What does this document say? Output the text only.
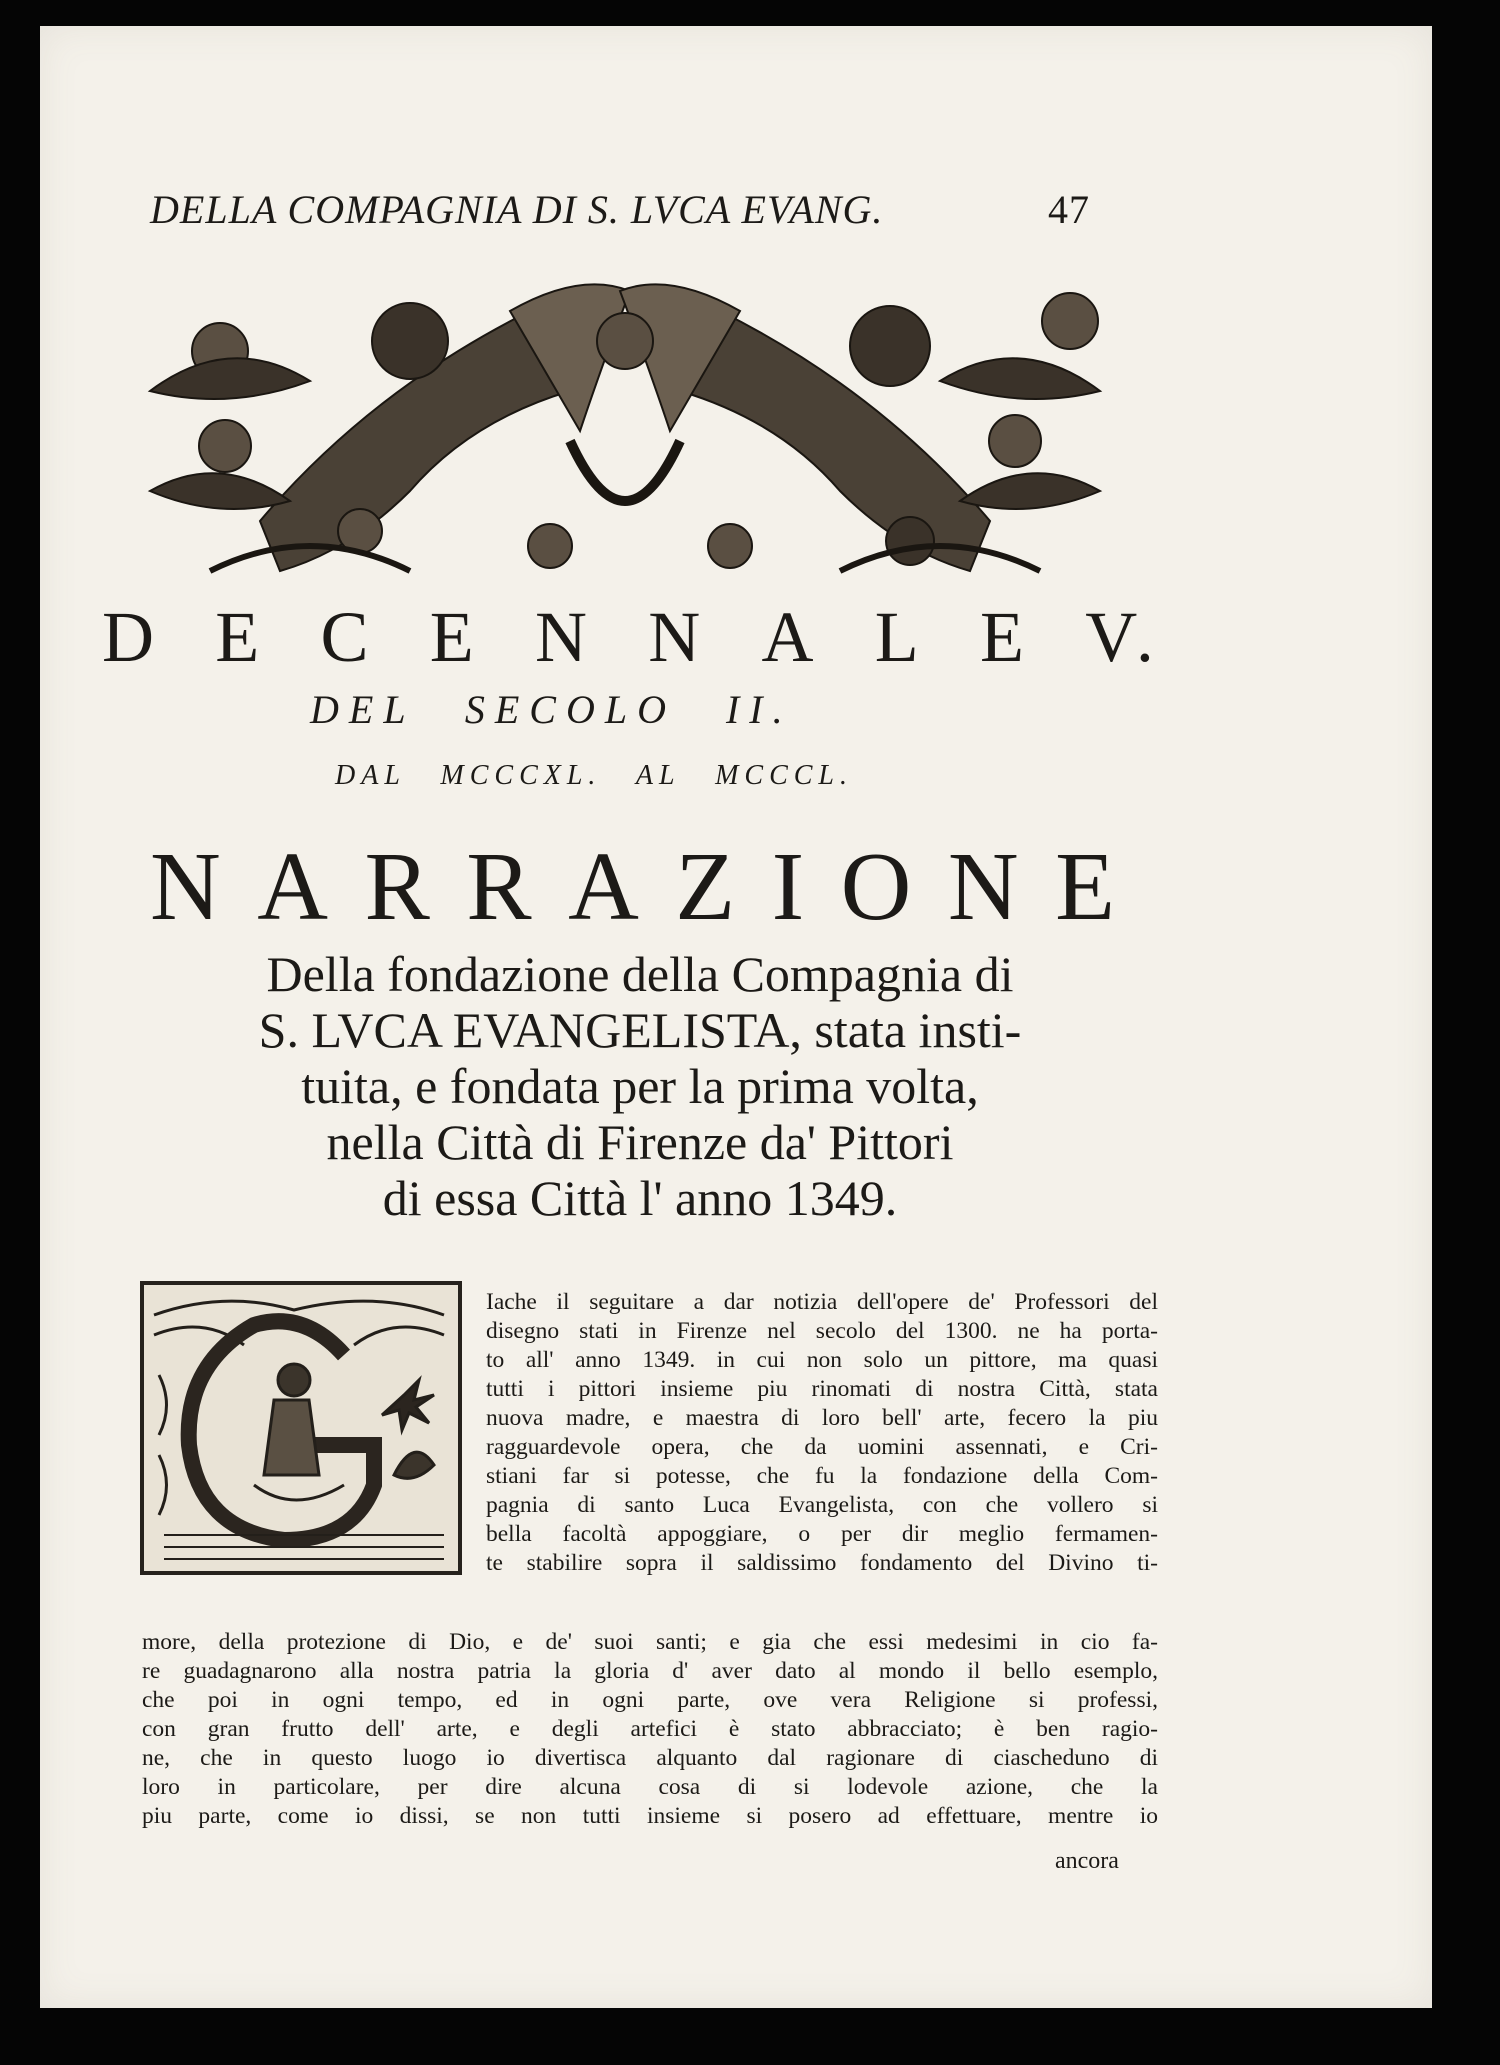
DELLA COMPAGNIA DI S. LVCA EVANG.	47
D E C E N N A L E V.
DEL SECOLO II.
DAL MCCCXL. AL MCCCL.
N A R R A Z I O N E
Della fondazione della Compagnia di
S. LVCA EVANGELISTA, stata insti-
tuita, e fondata per la prima volta,
nella Città di Firenze da' Pittori
di essa Città l' anno 1349.
Iache il seguitare a dar notizia dell'opere de' Professori del
disegno stati in Firenze nel secolo del 1300. ne ha porta-
to all' anno 1349. in cui non solo un pittore, ma quasi
tutti i pittori insieme piu rinomati di nostra Città, stata
nuova madre, e maestra di loro bell' arte, fecero la piu
ragguardevole opera, che da uomini assennati, e Cri-
stiani far si potesse, che fu la fondazione della Com-
pagnia di santo Luca Evangelista, con che vollero si
bella facoltà appoggiare, o per dir meglio fermamen-
te stabilire sopra il saldissimo fondamento del Divino ti-
more, della protezione di Dio, e de' suoi santi; e gia che essi medesimi in cio fa-
re guadagnarono alla nostra patria la gloria d' aver dato al mondo il bello esemplo,
che poi in ogni tempo, ed in ogni parte, ove vera Religione si professi,
con gran frutto dell' arte, e degli artefici è stato abbracciato; è ben ragio-
ne, che in questo luogo io divertisca alquanto dal ragionare di ciascheduno di
loro in particolare, per dire alcuna cosa di si lodevole azione, che la
piu parte, come io dissi, se non tutti insieme si posero ad effettuare, mentre io
ancora
